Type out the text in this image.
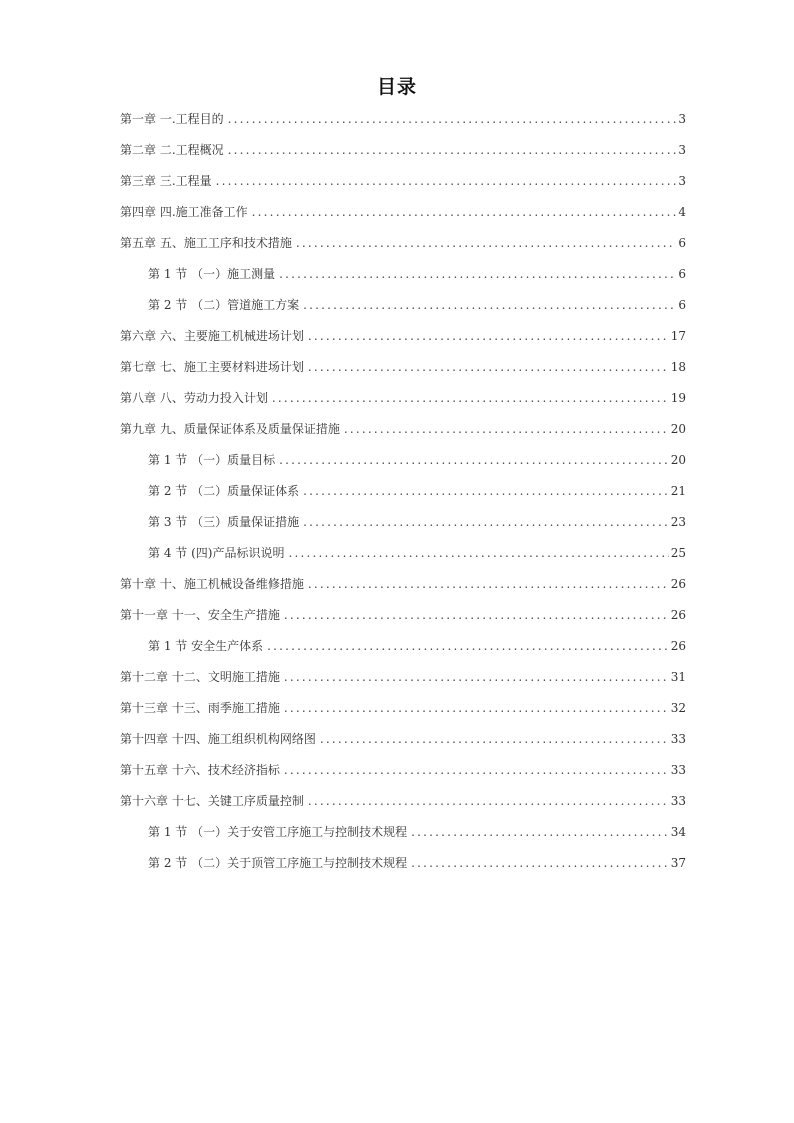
目录
第一章 一.工程目的 .....	3
第二章 二.工程概况 .....	3
第三章 三.工程量 .....	3
第四章 四.施工准备工作 .....	4
第五章 五、施工工序和技术措施 .....	6
第 1 节 （一）施工测量 .....	6
第 2 节 （二）管道施工方案 .....	6
第六章 六、主要施工机械进场计划 .....	17
第七章 七、施工主要材料进场计划 .....	18
第八章 八、劳动力投入计划 .....	19
第九章 九、质量保证体系及质量保证措施 .....	20
第 1 节 （一）质量目标 .....	20
第 2 节 （二）质量保证体系 .....	21
第 3 节 （三）质量保证措施 .....	23
第 4 节 (四)产品标识说明 .....	25
第十章 十、施工机械设备维修措施 .....	26
第十一章 十一、安全生产措施 .....	26
第 1 节 安全生产体系 .....	26
第十二章 十二、文明施工措施 .....	31
第十三章 十三、雨季施工措施 .....	32
第十四章 十四、施工组织机构网络图 .....	33
第十五章 十六、技术经济指标 .....	33
第十六章 十七、关键工序质量控制 .....	33
第 1 节 （一）关于安管工序施工与控制技术规程 .....	34
第 2 节 （二）关于顶管工序施工与控制技术规程 .....	37
